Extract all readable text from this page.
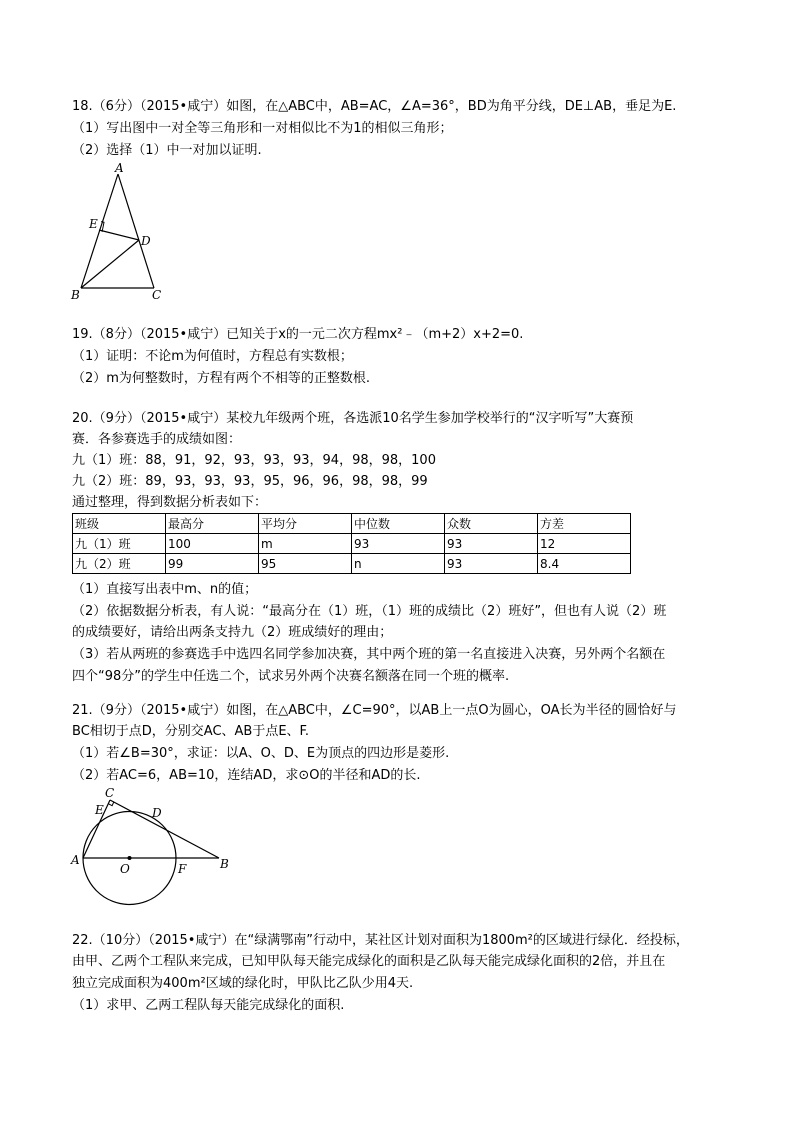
18.（6分）（2015•咸宁）如图，在△ABC中，AB=AC，∠A=36°，BD为角平分线，DE⊥AB，垂足为E.
（1）写出图中一对全等三角形和一对相似比不为1的相似三角形；
（2）选择（1）中一对加以证明.
A
B	C
D
E
19.（8分）（2015•咸宁）已知关于x的一元二次方程mx²﹣（m+2）x+2=0.
（1）证明：不论m为何值时，方程总有实数根；
（2）m为何整数时，方程有两个不相等的正整数根.
20.（9分）（2015•咸宁）某校九年级两个班，各选派10名学生参加学校举行的“汉字听写”大赛预
赛．各参赛选手的成绩如图：
九（1）班：88，91，92，93，93，93，94，98，98，100
九（2）班：89，93，93，93，95，96，96，98，98，99
通过整理，得到数据分析表如下：
班级	最高分	平均分	中位数	众数	方差
九（1）班	100	m	93	93	12
九（2）班	99	95	n	93	8.4
（1）直接写出表中m、n的值；
（2）依据数据分析表，有人说：“最高分在（1）班，（1）班的成绩比（2）班好”，但也有人说（2）班
的成绩要好，请给出两条支持九（2）班成绩好的理由；
（3）若从两班的参赛选手中选四名同学参加决赛，其中两个班的第一名直接进入决赛，另外两个名额在
四个“98分”的学生中任选二个，试求另外两个决赛名额落在同一个班的概率.
21.（9分）（2015•咸宁）如图，在△ABC中，∠C=90°，以AB上一点O为圆心，OA长为半径的圆恰好与
BC相切于点D，分别交AC、AB于点E、F.
（1）若∠B=30°，求证：以A、O、D、E为顶点的四边形是菱形.
（2）若AC=6，AB=10，连结AD，求⊙O的半径和AD的长.
A	B
C
D
E
F
O
22.（10分）（2015•咸宁）在“绿满鄂南”行动中，某社区计划对面积为1800m²的区域进行绿化．经投标，
由甲、乙两个工程队来完成，已知甲队每天能完成绿化的面积是乙队每天能完成绿化面积的2倍，并且在
独立完成面积为400m²区域的绿化时，甲队比乙队少用4天.
（1）求甲、乙两工程队每天能完成绿化的面积.
